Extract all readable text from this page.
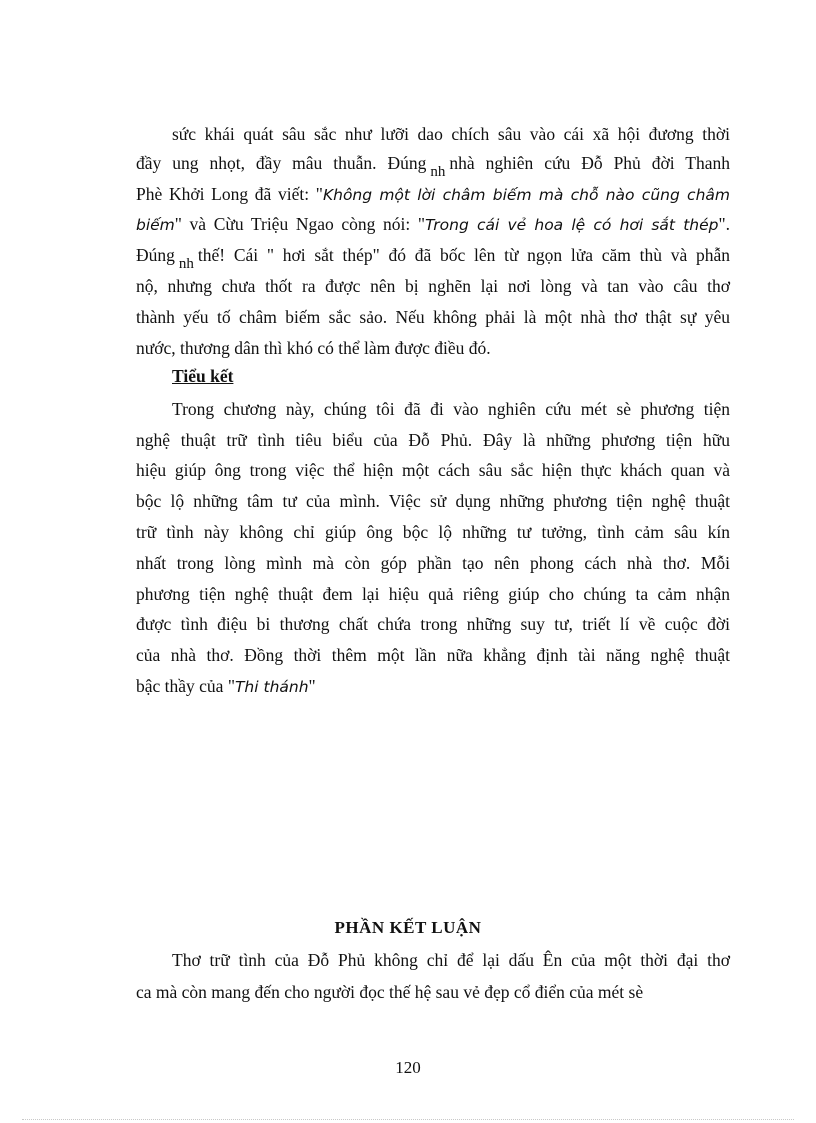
sức khái quát sâu sắc như lưỡi dao chích sâu vào cái xã hội đương thời
đầy ung nhọt, đầy mâu thuẫn. Đúng nh nhà nghiên cứu Đỗ Phủ đời Thanh
Phè Khởi Long đã viết: "Không một lời châm biếm mà chỗ nào cũng châm
biếm" và Cừu Triệu Ngao còng nói: "Trong cái vẻ hoa lệ có hơi sắt thép".
Đúng nh thế! Cái " hơi sắt thép" đó đã bốc lên từ ngọn lửa căm thù và phẫn
nộ, nhưng chưa thốt ra được nên bị nghẽn lại nơi lòng và tan vào câu thơ
thành yếu tố châm biếm sắc sảo. Nếu không phải là một nhà thơ thật sự yêu
nước, thương dân thì khó có thể làm được điều đó.
Tiểu kết
Trong chương này, chúng tôi đã đi vào nghiên cứu mét sè phương tiện
nghệ thuật trữ tình tiêu biểu của Đỗ Phủ. Đây là những phương tiện hữu
hiệu giúp ông trong việc thể hiện một cách sâu sắc hiện thực khách quan và
bộc lộ những tâm tư của mình. Việc sử dụng những phương tiện nghệ thuật
trữ tình này không chỉ giúp ông bộc lộ những tư tưởng, tình cảm sâu kín
nhất trong lòng mình mà còn góp phần tạo nên phong cách nhà thơ. Mỗi
phương tiện nghệ thuật đem lại hiệu quả riêng giúp cho chúng ta cảm nhận
được tình điệu bi thương chất chứa trong những suy tư, triết lí về cuộc đời
của nhà thơ. Đồng thời thêm một lần nữa khẳng định tài năng nghệ thuật
bậc thầy của "Thi thánh"
PHẦN KẾT LUẬN
Thơ trữ tình của Đỗ Phủ không chỉ để lại dấu Ên của một thời đại thơ
ca mà còn mang đến cho người đọc thế hệ sau vẻ đẹp cổ điển của mét sè
120
